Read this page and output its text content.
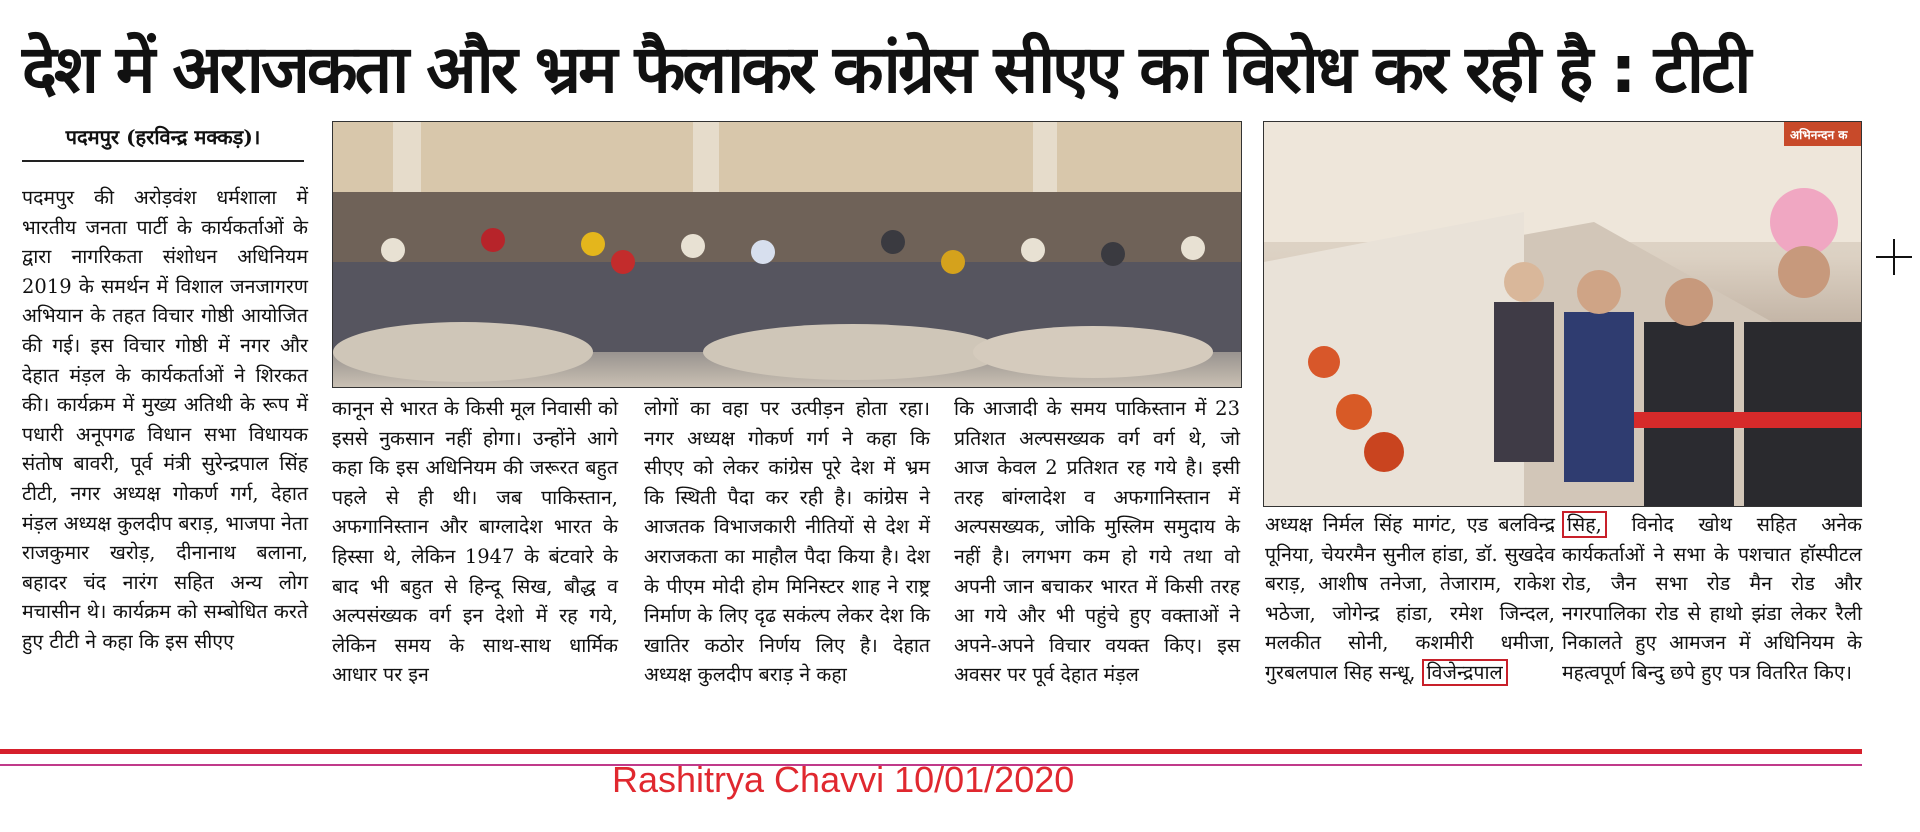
देश में अराजकता और भ्रम फैलाकर कांग्रेस सीएए का विरोध कर रही है : टीटी
पदमपुर (हरविन्द्र मक्कड़)।

पदमपुर की अरोड़वंश धर्मशाला में भारतीय जनता पार्टी के कार्यकर्ताओं के द्वारा नागरिकता संशोधन अधिनियम 2019 के समर्थन में विशाल जनजागरण अभियान के तहत विचार गोष्ठी आयोजित की गई। इस विचार गोष्ठी में नगर और देहात मंड़ल के कार्यकर्ताओं ने शिरकत की। कार्यक्रम में मुख्य अतिथी के रूप में पधारी अनूपगढ विधान सभा विधायक संतोष बावरी, पूर्व मंत्री सुरेन्द्रपाल सिंह टीटी, नगर अध्यक्ष गोकर्ण गर्ग, देहात मंड़ल अध्यक्ष कुलदीप बराड़, भाजपा नेता राजकुमार खरोड़, दीनानाथ बलाना, बहादर चंद नारंग सहित अन्य लोग मचासीन थे। कार्यक्रम को सम्बोधित करते हुए टीटी ने कहा कि इस सीएए

अभिनन्दन क

कानून से भारत के किसी मूल निवासी को इससे नुकसान नहीं होगा। उन्होंने आगे कहा कि इस अधिनियम की जरूरत बहुत पहले से ही थी। जब पाकिस्तान, अफगानिस्तान और बाग्लादेश भारत के हिस्सा थे, लेकिन 1947 के बंटवारे के बाद भी बहुत से हिन्दू सिख, बौद्ध व अल्पसंख्यक वर्ग इन देशो में रह गये, लेकिन समय के साथ-साथ धार्मिक आधार पर इन

लोगों का वहा पर उत्पीड़न होता रहा। नगर अध्यक्ष गोकर्ण गर्ग ने कहा कि सीएए को लेकर कांग्रेस पूरे देश में भ्रम कि स्थिती पैदा कर रही है। कांग्रेस ने आजतक विभाजकारी नीतियों से देश में अराजकता का माहौल पैदा किया है। देश के पीएम मोदी होम मिनिस्टर शाह ने राष्ट्र निर्माण के लिए दृढ सकंल्प लेकर देश कि खातिर कठोर निर्णय लिए है। देहात अध्यक्ष कुलदीप बराड़ ने कहा

कि आजादी के समय पाकिस्तान में 23 प्रतिशत अल्पसख्यक वर्ग वर्ग थे, जो आज केवल 2 प्रतिशत रह गये है। इसी तरह बांग्लादेश व अफगानिस्तान में अल्पसख्यक, जोकि मुस्लिम समुदाय के नहीं है। लगभग कम हो गये तथा वो अपनी जान बचाकर भारत में किसी तरह आ गये और भी पहुंचे हुए वक्ताओं ने अपने-अपने विचार वयक्त किए। इस अवसर पर पूर्व देहात मंड़ल

अध्यक्ष निर्मल सिंह मागंट, एड बलविन्द्र पूनिया, चेयरमैन सुनील हांडा, डॉ. सुखदेव बराड़, आशीष तनेजा, तेजाराम, राकेश भठेजा, जोगेन्द्र हांडा, रमेश जिन्दल, मलकीत सोनी, कशमीरी धमीजा, गुरबलपाल सिह सन्धू, विजेन्द्रपाल

सिह, विनोद खोथ सहित अनेक कार्यकर्ताओं ने सभा के पशचात हॉस्पीटल रोड, जैन सभा रोड मैन रोड और नगरपालिका रोड से हाथो झंडा लेकर रैली निकालते हुए आमजन में अधिनियम के महत्वपूर्ण बिन्दु छपे हुए पत्र वितरित किए।

Rashitrya Chavvi 10/01/2020
